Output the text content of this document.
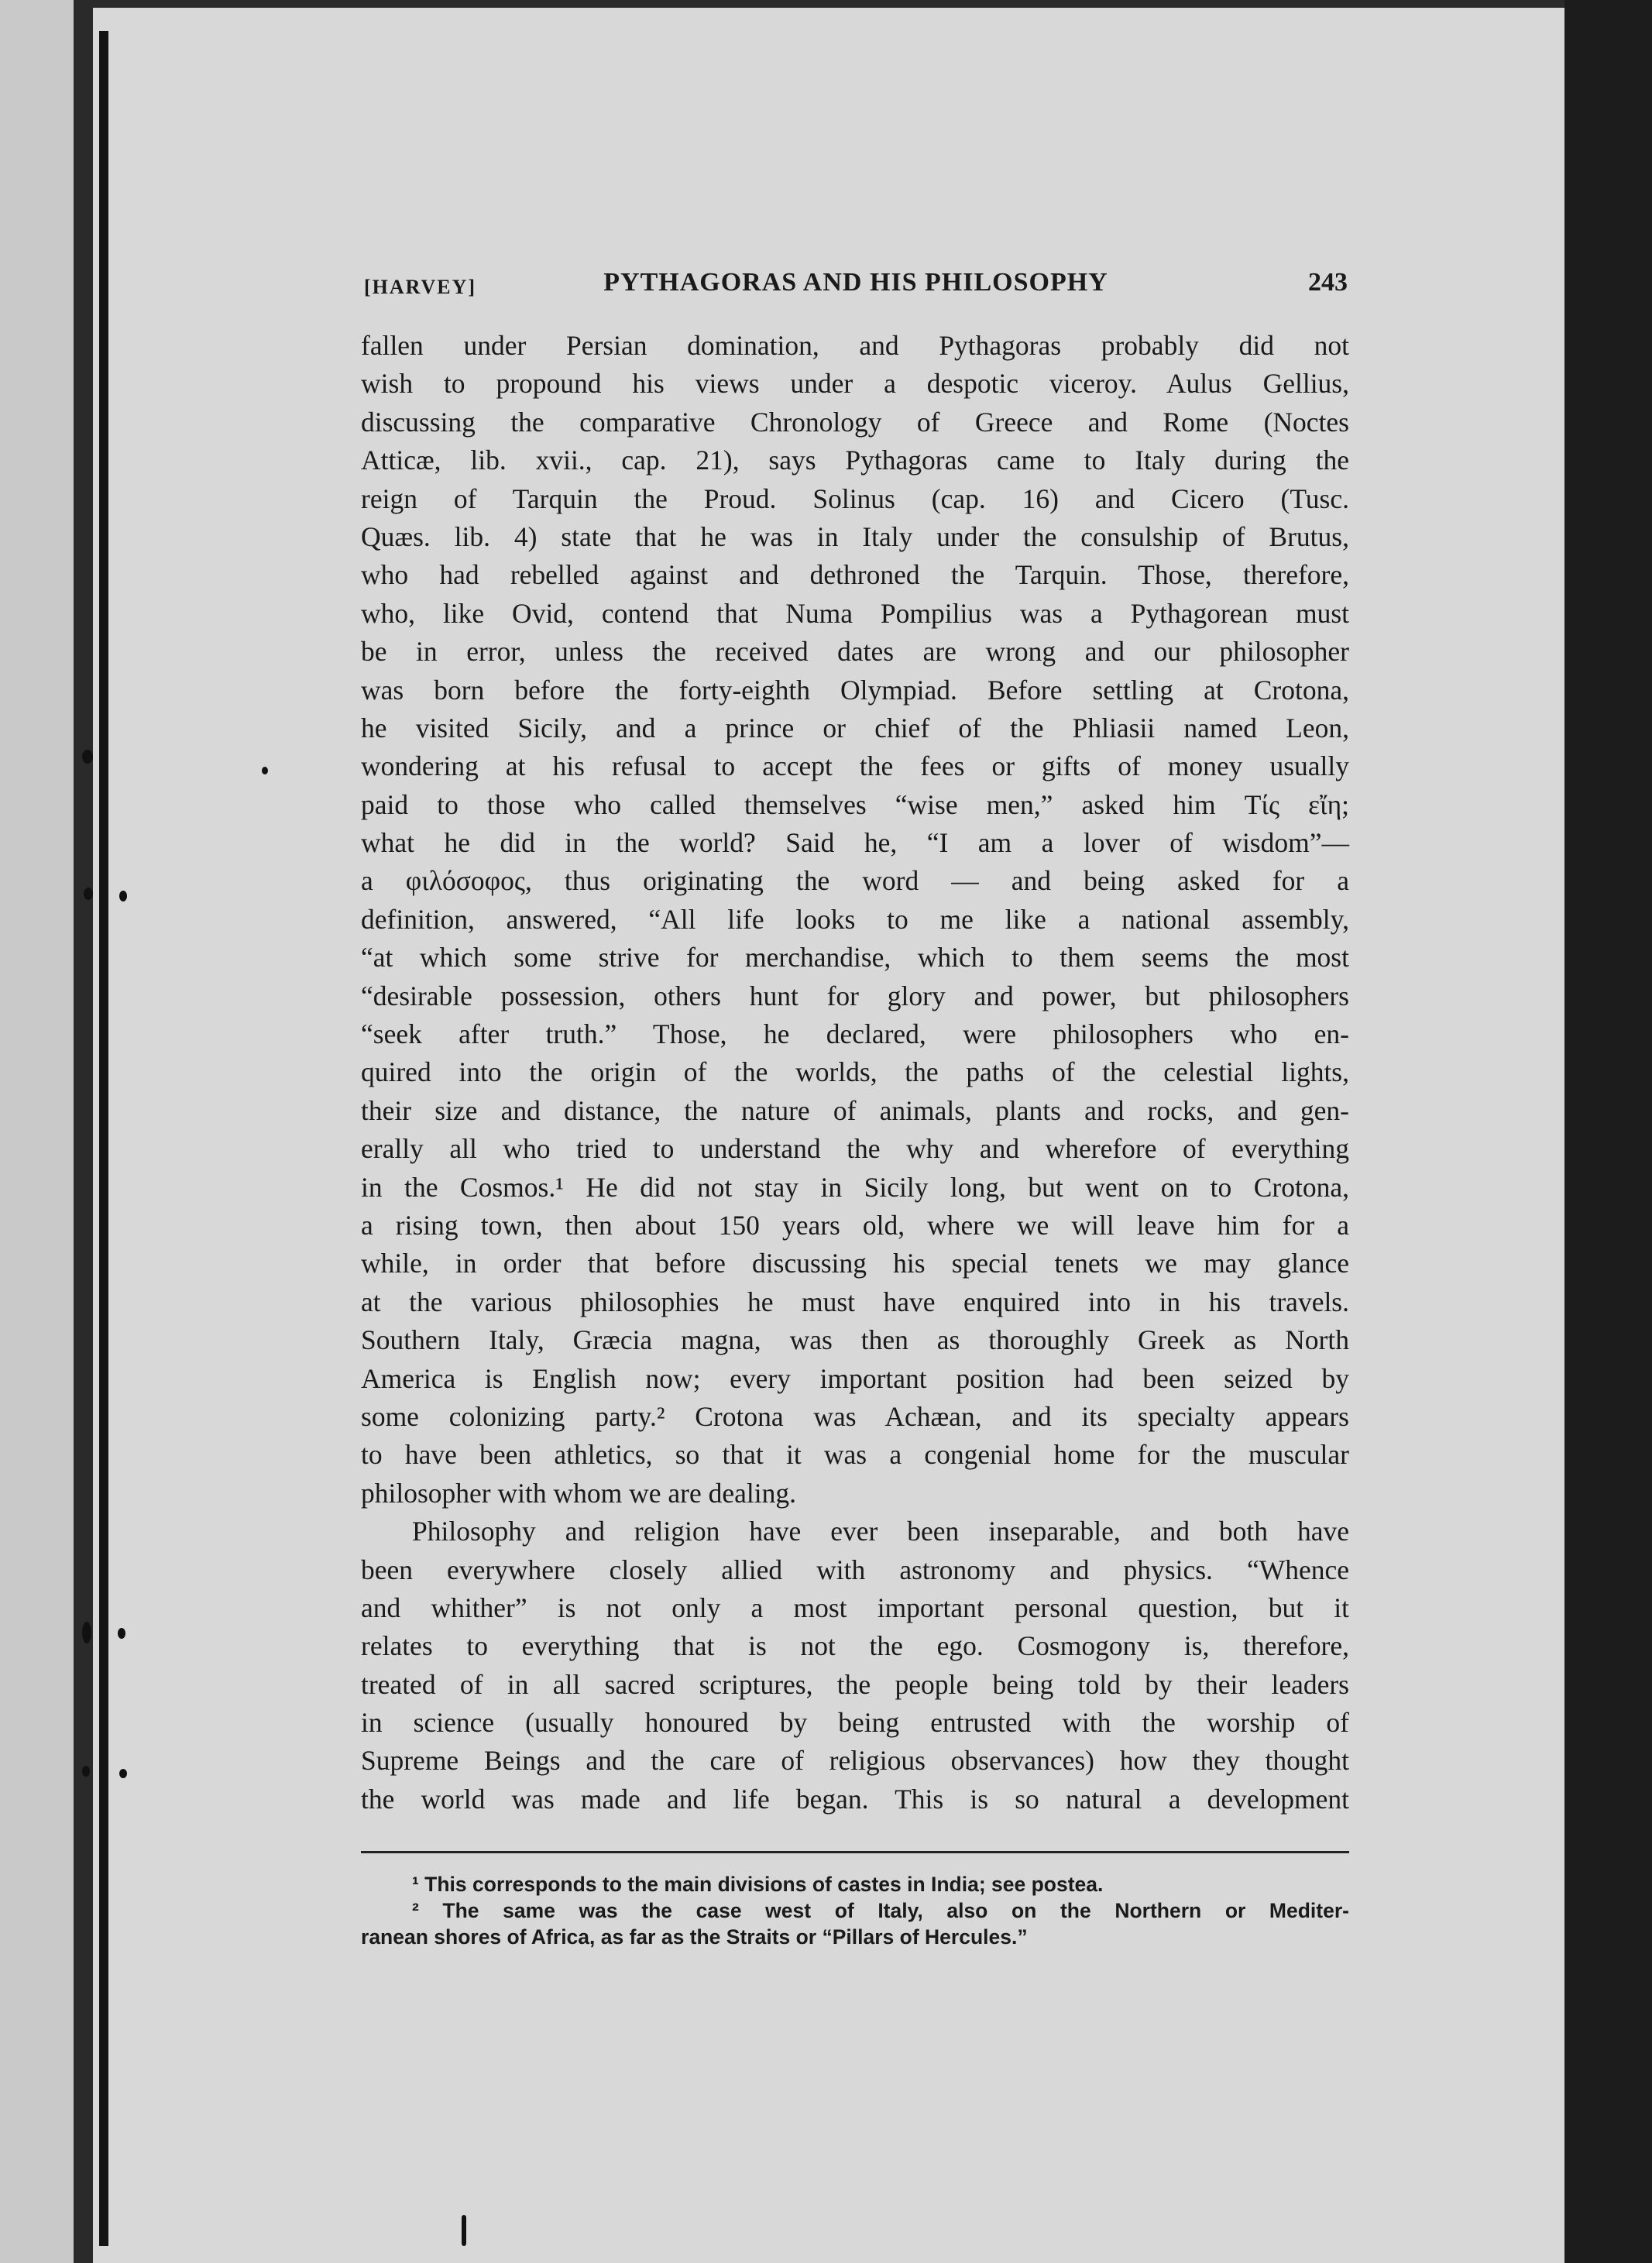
[HARVEY]	PYTHAGORAS AND HIS PHILOSOPHY	243
fallen under Persian domination, and Pythagoras probably did not
wish to propound his views under a despotic viceroy. Aulus Gellius,
discussing the comparative Chronology of Greece and Rome (Noctes
Atticæ, lib. xvii., cap. 21), says Pythagoras came to Italy during the
reign of Tarquin the Proud. Solinus (cap. 16) and Cicero (Tusc.
Quæs. lib. 4) state that he was in Italy under the consulship of Brutus,
who had rebelled against and dethroned the Tarquin. Those, therefore,
who, like Ovid, contend that Numa Pompilius was a Pythagorean must
be in error, unless the received dates are wrong and our philosopher
was born before the forty-eighth Olympiad. Before settling at Crotona,
he visited Sicily, and a prince or chief of the Phliasii named Leon,
wondering at his refusal to accept the fees or gifts of money usually
paid to those who called themselves “wise men,” asked him Τίς εἴη;
what he did in the world? Said he, “I am a lover of wisdom”—
a φιλόσοφος, thus originating the word — and being asked for a
definition, answered, “All life looks to me like a national assembly,
“at which some strive for merchandise, which to them seems the most
“desirable possession, others hunt for glory and power, but philosophers
“seek after truth.” Those, he declared, were philosophers who en-
quired into the origin of the worlds, the paths of the celestial lights,
their size and distance, the nature of animals, plants and rocks, and gen-
erally all who tried to understand the why and wherefore of everything
in the Cosmos.¹ He did not stay in Sicily long, but went on to Crotona,
a rising town, then about 150 years old, where we will leave him for a
while, in order that before discussing his special tenets we may glance
at the various philosophies he must have enquired into in his travels.
Southern Italy, Græcia magna, was then as thoroughly Greek as North
America is English now; every important position had been seized by
some colonizing party.² Crotona was Achæan, and its specialty appears
to have been athletics, so that it was a congenial home for the muscular
philosopher with whom we are dealing.
Philosophy and religion have ever been inseparable, and both have
been everywhere closely allied with astronomy and physics. “Whence
and whither” is not only a most important personal question, but it
relates to everything that is not the ego. Cosmogony is, therefore,
treated of in all sacred scriptures, the people being told by their leaders
in science (usually honoured by being entrusted with the worship of
Supreme Beings and the care of religious observances) how they thought
the world was made and life began. This is so natural a development
¹ This corresponds to the main divisions of castes in India; see postea.
² The same was the case west of Italy, also on the Northern or Mediter-
ranean shores of Africa, as far as the Straits or “Pillars of Hercules.”
